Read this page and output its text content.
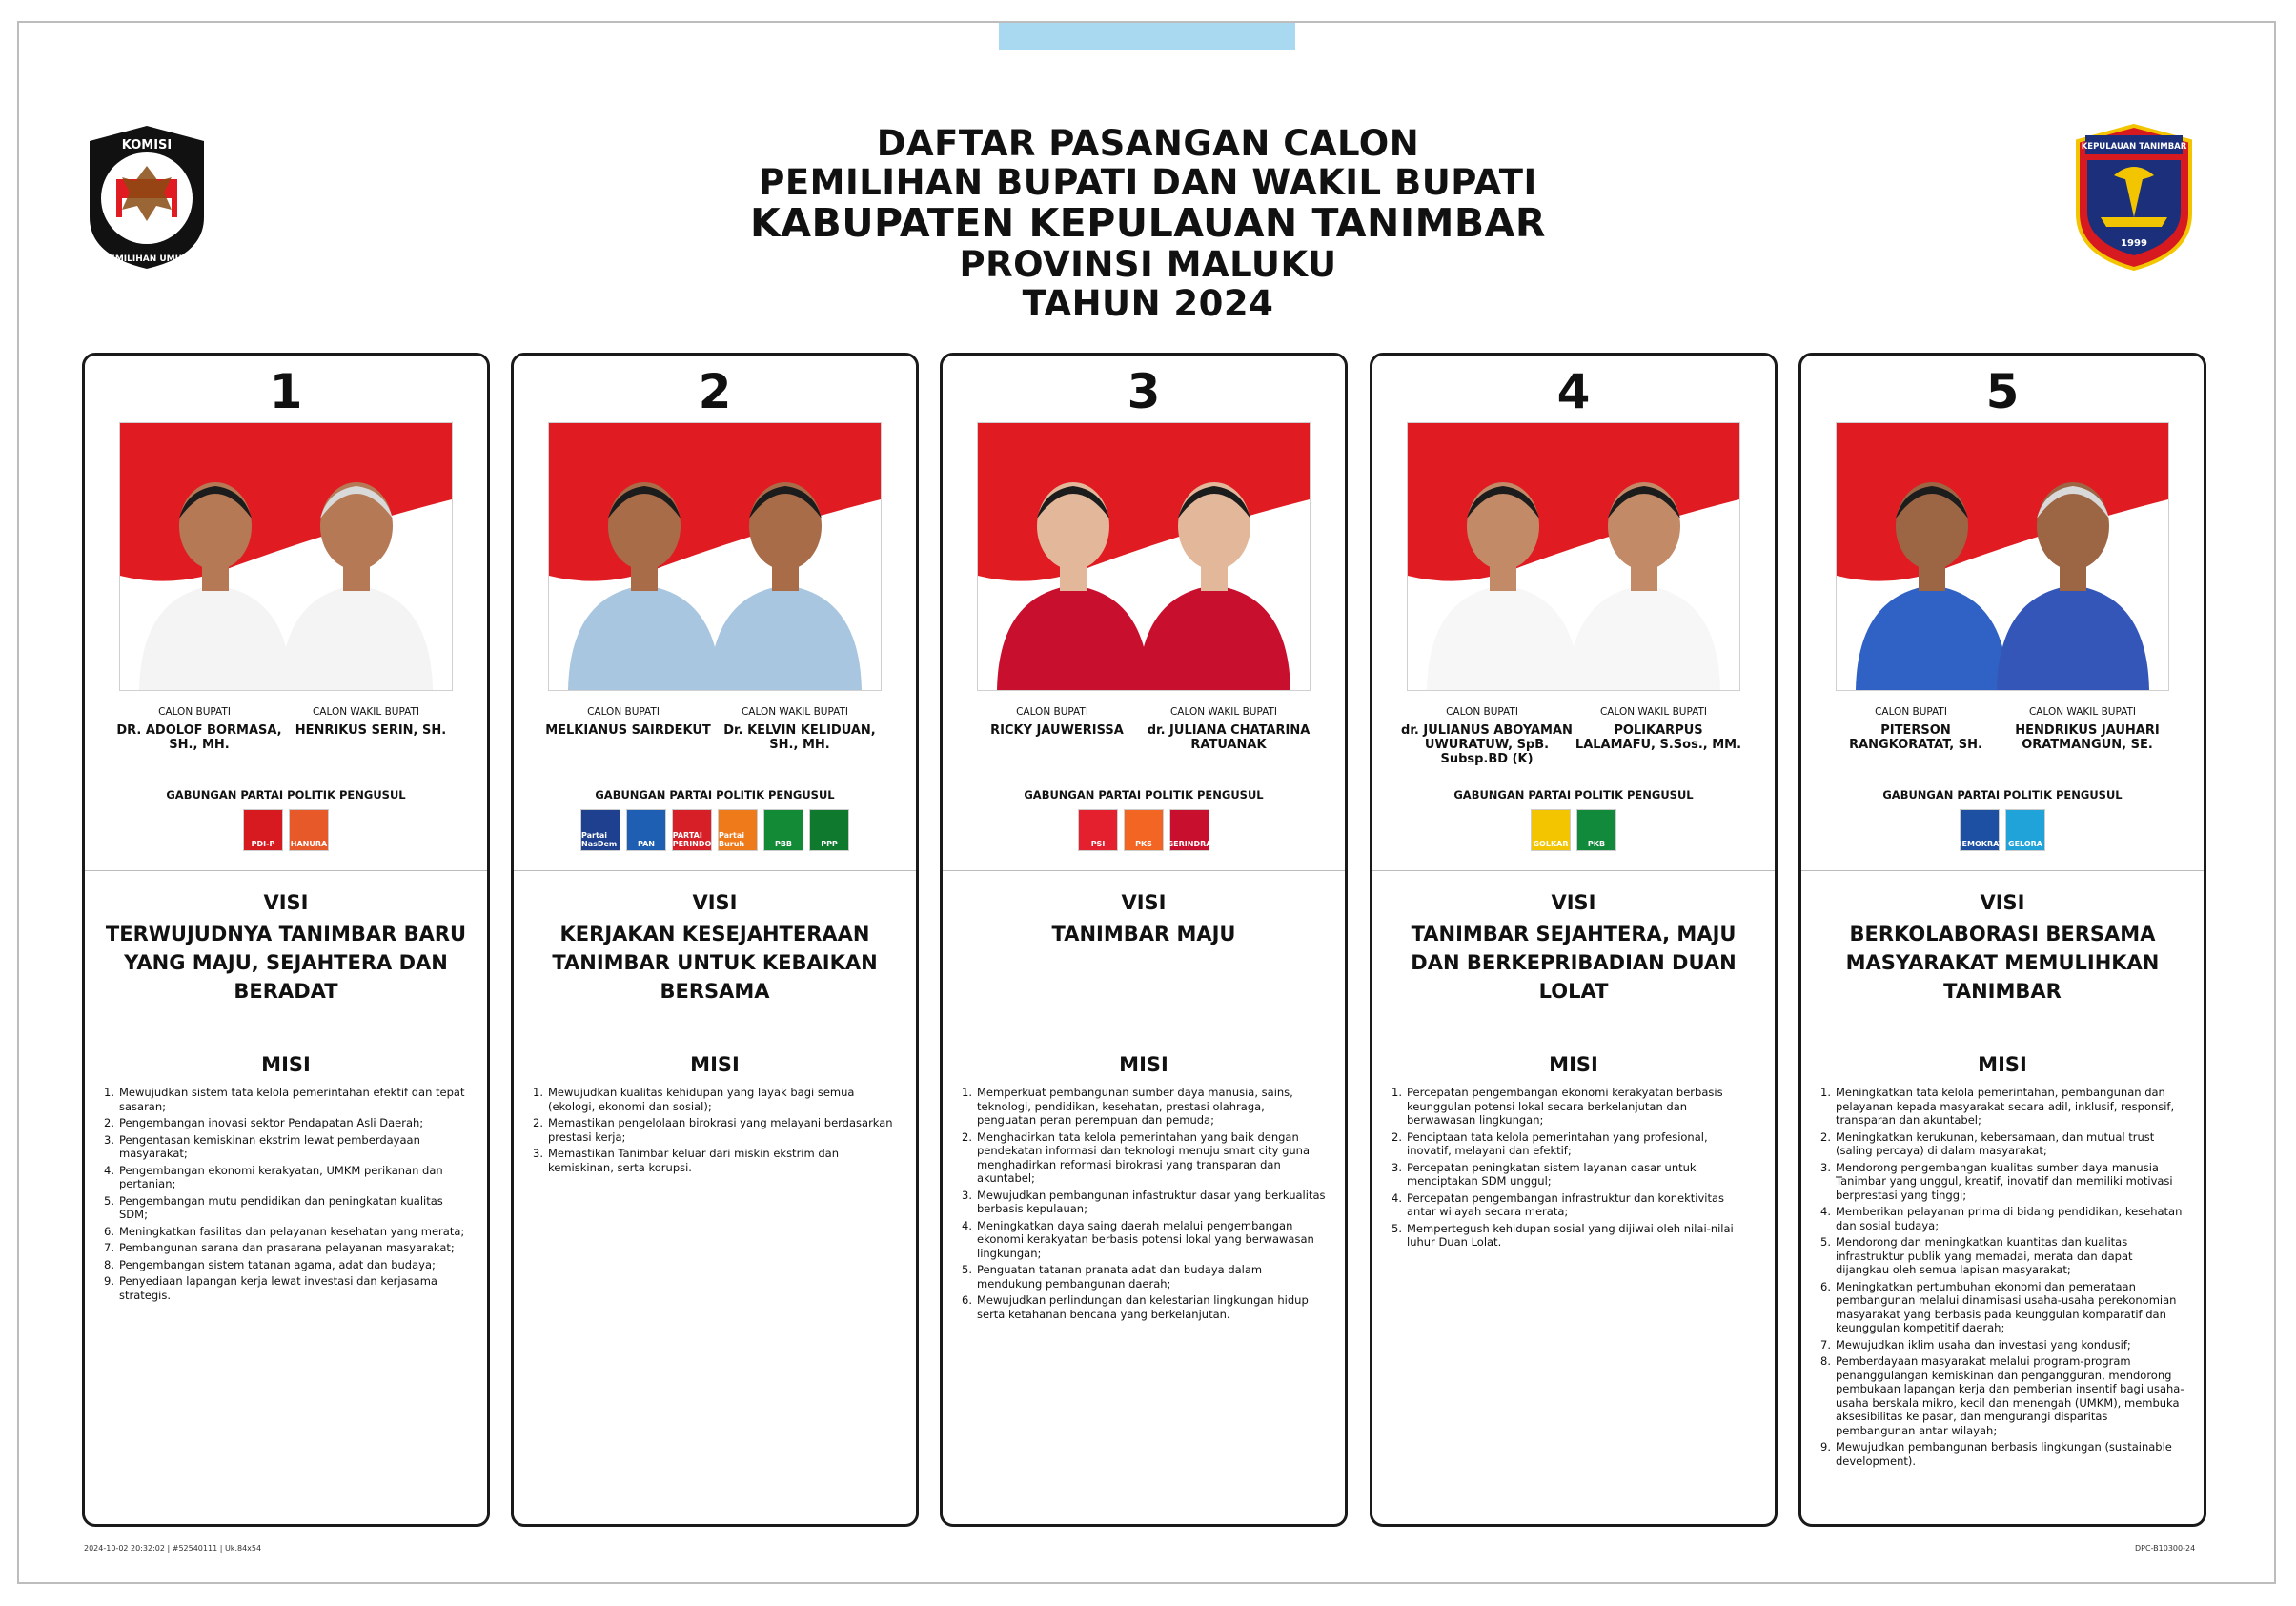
KOMISI
PEMILIHAN UMUM
KEPULAUAN TANIMBAR
1999
DAFTAR PASANGAN CALON
PEMILIHAN BUPATI DAN WAKIL BUPATI
KABUPATEN KEPULAUAN TANIMBAR
PROVINSI MALUKU
TAHUN 2024
1
CALON BUPATI	CALON WAKIL BUPATI
DR. ADOLOF BORMASA, SH., MH.
HENRIKUS SERIN, SH.
GABUNGAN PARTAI POLITIK PENGUSUL
PDI-P	HANURA
VISI
TERWUJUDNYA TANIMBAR BARU YANG MAJU, SEJAHTERA DAN BERADAT
MISI
1. Mewujudkan sistem tata kelola pemerintahan efektif dan tepat sasaran;
2. Pengembangan inovasi sektor Pendapatan Asli Daerah;
3. Pengentasan kemiskinan ekstrim lewat pemberdayaan masyarakat;
4. Pengembangan ekonomi kerakyatan, UMKM perikanan dan pertanian;
5. Pengembangan mutu pendidikan dan peningkatan kualitas SDM;
6. Meningkatkan fasilitas dan pelayanan kesehatan yang merata;
7. Pembangunan sarana dan prasarana pelayanan masyarakat;
8. Pengembangan sistem tatanan agama, adat dan budaya;
9. Penyediaan lapangan kerja lewat investasi dan kerjasama strategis.
2
CALON BUPATI	CALON WAKIL BUPATI
MELKIANUS SAIRDEKUT	Dr. KELVIN KELIDUAN, SH., MH.
GABUNGAN PARTAI POLITIK PENGUSUL
Partai NasDem	PAN
PARTAI PERINDO
Partai Buruh	PBB	PPP
VISI
KERJAKAN KESEJAHTERAAN TANIMBAR UNTUK KEBAIKAN BERSAMA
MISI
1. Mewujudkan kualitas kehidupan yang layak bagi semua (ekologi, ekonomi dan sosial);
2. Memastikan pengelolaan birokrasi yang melayani berdasarkan prestasi kerja;
3. Memastikan Tanimbar keluar dari miskin ekstrim dan kemiskinan, serta korupsi.
3
CALON BUPATI	CALON WAKIL BUPATI
RICKY JAUWERISSA	dr. JULIANA CHATARINA RATUANAK
GABUNGAN PARTAI POLITIK PENGUSUL
PSI	PKS	GERINDRA
VISI
TANIMBAR MAJU
MISI
1. Memperkuat pembangunan sumber daya manusia, sains, teknologi, pendidikan, kesehatan, prestasi olahraga, penguatan peran perempuan dan pemuda;
2. Menghadirkan tata kelola pemerintahan yang baik dengan pendekatan informasi dan teknologi menuju smart city guna menghadirkan reformasi birokrasi yang transparan dan akuntabel;
3. Mewujudkan pembangunan infastruktur dasar yang berkualitas berbasis kepulauan;
4. Meningkatkan daya saing daerah melalui pengembangan ekonomi kerakyatan berbasis potensi lokal yang berwawasan lingkungan;
5. Penguatan tatanan pranata adat dan budaya dalam mendukung pembangunan daerah;
6. Mewujudkan perlindungan dan kelestarian lingkungan hidup serta ketahanan bencana yang berkelanjutan.
4
CALON BUPATI	CALON WAKIL BUPATI
dr. JULIANUS ABOYAMAN UWURATUW, SpB. Subsp.BD (K)
POLIKARPUS LALAMAFU, S.Sos., MM.
GABUNGAN PARTAI POLITIK PENGUSUL
GOLKAR	PKB
VISI
TANIMBAR SEJAHTERA, MAJU DAN BERKEPRIBADIAN DUAN LOLAT
MISI
1. Percepatan pengembangan ekonomi kerakyatan berbasis keunggulan potensi lokal secara berkelanjutan dan berwawasan lingkungan;
2. Penciptaan tata kelola pemerintahan yang profesional, inovatif, melayani dan efektif;
3. Percepatan peningkatan sistem layanan dasar untuk menciptakan SDM unggul;
4. Percepatan pengembangan infrastruktur dan konektivitas antar wilayah secara merata;
5. Mempertegush kehidupan sosial yang dijiwai oleh nilai-nilai luhur Duan Lolat.
5
CALON BUPATI	CALON WAKIL BUPATI
PITERSON RANGKORATAT, SH.
HENDRIKUS JAUHARI ORATMANGUN, SE.
GABUNGAN PARTAI POLITIK PENGUSUL
DEMOKRAT GELORA
VISI
BERKOLABORASI BERSAMA MASYARAKAT MEMULIHKAN TANIMBAR
MISI
1. Meningkatkan tata kelola pemerintahan, pembangunan dan pelayanan kepada masyarakat secara adil, inklusif, responsif, transparan dan akuntabel;
2. Meningkatkan kerukunan, kebersamaan, dan mutual trust (saling percaya) di dalam masyarakat;
3. Mendorong pengembangan kualitas sumber daya manusia Tanimbar yang unggul, kreatif, inovatif dan memiliki motivasi berprestasi yang tinggi;
4. Memberikan pelayanan prima di bidang pendidikan, kesehatan dan sosial budaya;
5. Mendorong dan meningkatkan kuantitas dan kualitas infrastruktur publik yang memadai, merata dan dapat dijangkau oleh semua lapisan masyarakat;
6. Meningkatkan pertumbuhan ekonomi dan pemerataan pembangunan melalui dinamisasi usaha-usaha perekonomian masyarakat yang berbasis pada keunggulan komparatif dan keunggulan kompetitif daerah;
7. Mewujudkan iklim usaha dan investasi yang kondusif;
8. Pemberdayaan masyarakat melalui program-program penanggulangan kemiskinan dan pengangguran, mendorong pembukaan lapangan kerja dan pemberian insentif bagi usaha-usaha berskala mikro, kecil dan menengah (UMKM), membuka aksesibilitas ke pasar, dan mengurangi disparitas pembangunan antar wilayah;
9. Mewujudkan pembangunan berbasis lingkungan (sustainable development).
2024-10-02 20:32:02 | #52540111 | Uk.84x54	DPC-B10300-24
